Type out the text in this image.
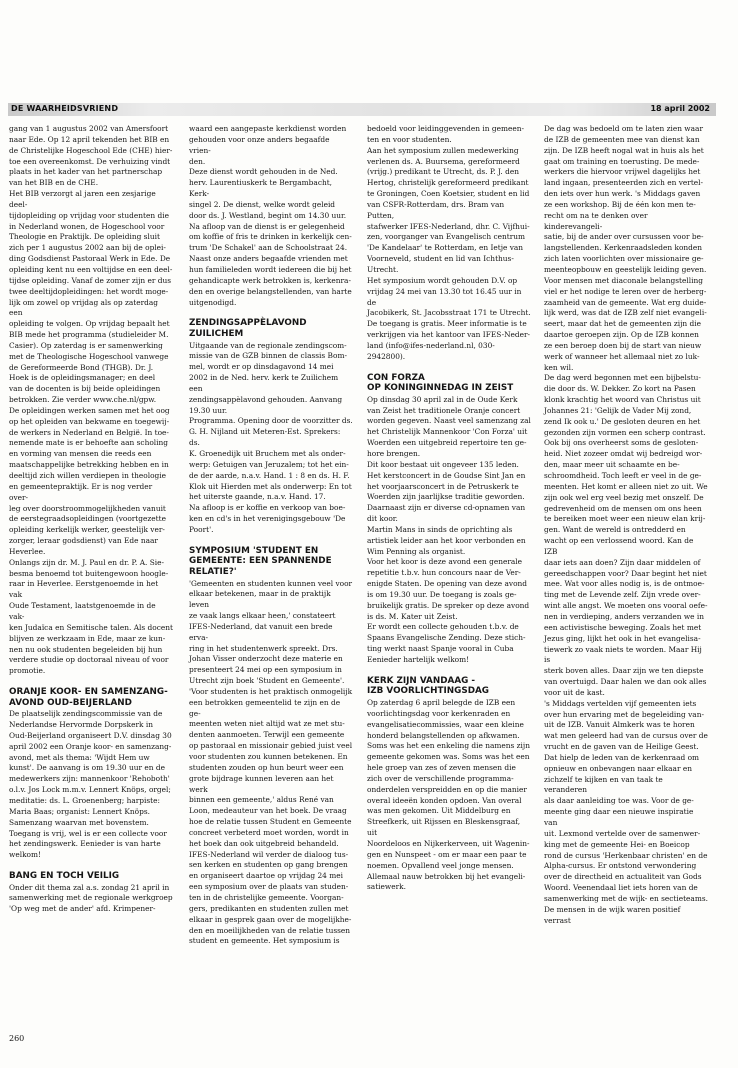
DE WAARHEIDSVRIEND	18 april 2002

gang van 1 augustus 2002 van Amersfoort
naar Ede. Op 12 april tekenden het BIB en
de Christelijke Hogeschool Ede (CHE) hier-
toe een overeenkomst. De verhuizing vindt
plaats in het kader van het partnerschap
van het BIB en de CHE.
Het BIB verzorgt al jaren een zesjarige deel-
tijdopleiding op vrijdag voor studenten die
in Nederland wonen, de Hogeschool voor
Theologie en Praktijk. De opleiding sluit
zich per 1 augustus 2002 aan bij de oplei-
ding Godsdienst Pastoraal Werk in Ede. De
opleiding kent nu een voltijdse en een deel-
tijdse opleiding. Vanaf de zomer zijn er dus
twee deeltijdopleidingen: het wordt moge-
lijk om zowel op vrijdag als op zaterdag een
opleiding te volgen. Op vrijdag bepaalt het
BIB mede het programma (studieleider M.
Casier). Op zaterdag is er samenwerking
met de Theologische Hogeschool vanwege
de Gereformeerde Bond (THGB). Dr. J.
Hoek is de opleidingsmanager; en deel
van de docenten is bij beide opleidingen
betrokken. Zie verder www.che.nl/gpw.
De opleidingen werken samen met het oog
op het opleiden van bekwame en toegewij-
de werkers in Nederland en België. In toe-
nemende mate is er behoefte aan scholing
en vorming van mensen die reeds een
maatschappelijke betrekking hebben en in
deeltijd zich willen verdiepen in theologie
en gemeentepraktijk. Er is nog verder over-
leg over doorstroommogelijkheden vanuit
de eerstegraadsopleidingen (voortgezette
opleiding kerkelijk werker, geestelijk ver-
zorger, leraar godsdienst) van Ede naar
Heverlee.
Onlangs zijn dr. M. J. Paul en dr. P. A. Sie-
besma benoemd tot buitengewoon hoogle-
raar in Heverlee. Eerstgenoemde in het vak
Oude Testament, laatstgenoemde in de vak-
ken Judaïca en Semitische talen. Als docent
blijven ze werkzaam in Ede, maar ze kun-
nen nu ook studenten begeleiden bij hun
verdere studie op doctoraal niveau of voor
promotie.

ORANJE KOOR- EN SAMENZANG-
AVOND OUD-BEIJERLAND

De plaatselijk zendingscommissie van de
Nederlandse Hervormde Dorpskerk in
Oud-Beijerland organiseert D.V. dinsdag 30
april 2002 een Oranje koor- en samenzang-
avond, met als thema: 'Wijdt Hem uw
kunst'. De aanvang is om 19.30 uur en de
medewerkers zijn: mannenkoor 'Rehoboth'
o.l.v. Jos Lock m.m.v. Lennert Knöps, orgel;
meditatie: ds. L. Groenenberg; harpiste:
Maria Baas; organist: Lennert Knöps.
Samenzang waarvan met bovenstem.
Toegang is vrij, wel is er een collecte voor
het zendingswerk. Eenieder is van harte
welkom!

BANG EN TOCH VEILIG

Onder dit thema zal a.s. zondag 21 april in
samenwerking met de regionale werkgroep
'Op weg met de ander' afd. Krimpener-

waard een aangepaste kerkdienst worden
gehouden voor onze anders begaafde vrien-
den.
Deze dienst wordt gehouden in de Ned.
herv. Laurentiuskerk te Bergambacht, Kerk-
singel 2. De dienst, welke wordt geleid
door ds. J. Westland, begint om 14.30 uur.
Na afloop van de dienst is er gelegenheid
om koffie of fris te drinken in kerkelijk cen-
trum 'De Schakel' aan de Schoolstraat 24.
Naast onze anders begaafde vrienden met
hun familieleden wordt iedereen die bij het
gehandicapte werk betrokken is, kerkenra-
den en overige belangstellenden, van harte
uitgenodigd.

ZENDINGSAPPÈLAVOND
ZUILICHEM

Uitgaande van de regionale zendingscom-
missie van de GZB binnen de classis Bom-
mel, wordt er op dinsdagavond 14 mei
2002 in de Ned. herv. kerk te Zuilichem een
zendingsappèlavond gehouden. Aanvang
19.30 uur.
Programma. Opening door de voorzitter ds.
G. H. Nijland uit Meteren-Est. Sprekers: ds.
K. Groenedijk uit Bruchem met als onder-
werp: Getuigen van Jeruzalem; tot het ein-
de der aarde, n.a.v. Hand. 1 : 8 en ds. H. F.
Klok uit Hierden met als onderwerp: En tot
het uiterste gaande, n.a.v. Hand. 17.
Na afloop is er koffie en verkoop van boe-
ken en cd's in het verenigingsgebouw 'De
Poort'.

SYMPOSIUM 'STUDENT EN
GEMEENTE: EEN SPANNENDE
RELATIE?'

'Gemeenten en studenten kunnen veel voor
elkaar betekenen, maar in de praktijk leven
ze vaak langs elkaar heen,' constateert
IFES-Nederland, dat vanuit een brede erva-
ring in het studentenwerk spreekt. Drs.
Johan Visser onderzocht deze materie en
presenteert 24 mei op een symposium in
Utrecht zijn boek 'Student en Gemeente'.
'Voor studenten is het praktisch onmogelijk
een betrokken gemeentelid te zijn en de ge-
meenten weten niet altijd wat ze met stu-
denten aanmoeten. Terwijl een gemeente
op pastoraal en missionair gebied juist veel
voor studenten zou kunnen betekenen. En
studenten zouden op hun beurt weer een
grote bijdrage kunnen leveren aan het werk
binnen een gemeente,' aldus René van
Loon, medeauteur van het boek. De vraag
hoe de relatie tussen Student en Gemeente
concreet verbeterd moet worden, wordt in
het boek dan ook uitgebreid behandeld.
IFES-Nederland wil verder de dialoog tus-
sen kerken en studenten op gang brengen
en organiseert daartoe op vrijdag 24 mei
een symposium over de plaats van studen-
ten in de christelijke gemeente. Voorgan-
gers, predikanten en studenten zullen met
elkaar in gesprek gaan over de mogelijkhe-
den en moeilijkheden van de relatie tussen
student en gemeente. Het symposium is

bedoeld voor leidinggevenden in gemeen-
ten en voor studenten.
Aan het symposium zullen medewerking
verlenen ds. A. Buursema, gereformeerd
(vrijg.) predikant te Utrecht, ds. P. J. den
Hertog, christelijk gereformeerd predikant
te Groningen, Coen Koetsier, student en lid
van CSFR-Rotterdam, drs. Bram van Putten,
stafwerker IFES-Nederland, dhr. C. Vijfhui-
zen, voorganger van Evangelisch centrum
'De Kandelaar' te Rotterdam, en Ietje van
Voorneveld, student en lid van Ichthus-
Utrecht.
Het symposium wordt gehouden D.V. op
vrijdag 24 mei van 13.30 tot 16.45 uur in de
Jacobikerk, St. Jacobsstraat 171 te Utrecht.
De toegang is gratis. Meer informatie is te
verkrijgen via het kantoor van IFES-Neder-
land (info@ifes-nederland.nl, 030-
2942800).

CON FORZA
OP KONINGINNEDAG IN ZEIST

Op dinsdag 30 april zal in de Oude Kerk
van Zeist het traditionele Oranje concert
worden gegeven. Naast veel samenzang zal
het Christelijk Mannenkoor 'Con Forza' uit
Woerden een uitgebreid repertoire ten ge-
hore brengen.
Dit koor bestaat uit ongeveer 135 leden.
Het kerstconcert in de Goudse Sint Jan en
het voorjaarsconcert in de Petruskerk te
Woerden zijn jaarlijkse traditie geworden.
Daarnaast zijn er diverse cd-opnamen van
dit koor.
Martin Mans in sinds de oprichting als
artistiek leider aan het koor verbonden en
Wim Penning als organist.
Voor het koor is deze avond een generale
repetitie t.b.v. hun concours naar de Ver-
enigde Staten. De opening van deze avond
is om 19.30 uur. De toegang is zoals ge-
bruikelijk gratis. De spreker op deze avond
is ds. M. Kater uit Zeist.
Er wordt een collecte gehouden t.b.v. de
Spaans Evangelische Zending. Deze stich-
ting werkt naast Spanje vooral in Cuba
Eenieder hartelijk welkom!

KERK ZIJN VANDAAG -
IZB VOORLICHTINGSDAG

Op zaterdag 6 april belegde de IZB een
voorlichtingsdag voor kerkenraden en
evangelisatiecommissies, waar een kleine
honderd belangstellenden op afkwamen.
Soms was het een enkeling die namens zijn
gemeente gekomen was. Soms was het een
hele groep van zes of zeven mensen die
zich over de verschillende programma-
onderdelen verspreidden en op die manier
overal ideeën konden opdoen. Van overal
was men gekomen. Uit Middelburg en
Streefkerk, uit Rijssen en Bleskensgraaf, uit
Noordeloos en Nijkerkerveen, uit Wagenin-
gen en Nunspeet - om er maar een paar te
noemen. Opvallend veel jonge mensen.
Allemaal nauw betrokken bij het evangeli-
satiewerk.

De dag was bedoeld om te laten zien waar
de IZB de gemeenten mee van dienst kan
zijn. De IZB heeft nogal wat in huis als het
gaat om training en toerusting. De mede-
werkers die hiervoor vrijwel dagelijks het
land ingaan, presenteerden zich en vertel-
den iets over hun werk. 's Middags gaven
ze een workshop. Bij de één kon men te-
recht om na te denken over kinderevangeli-
satie, bij de ander over cursussen voor be-
langstellenden. Kerkenraadsleden konden
zich laten voorlichten over missionaire ge-
meenteopbouw en geestelijk leiding geven.
Voor mensen met diaconale belangstelling
viel er het nodige te leren over de herberg-
zaamheid van de gemeente. Wat erg duide-
lijk werd, was dat de IZB zelf niet evangeli-
seert, maar dat het de gemeenten zijn die
daartoe geroepen zijn. Op de IZB konnen
ze een beroep doen bij de start van nieuw
werk of wanneer het allemaal niet zo luk-
ken wil.
De dag werd begonnen met een bijbelstu-
die door ds. W. Dekker. Zo kort na Pasen
klonk krachtig het woord van Christus uit
Johannes 21: 'Gelijk de Vader Mij zond,
zend Ik ook u.' De gesloten deuren en het
gezonden zijn vormen een scherp contrast.
Ook bij ons overheerst soms de gesloten-
heid. Niet zozeer omdat wij bedreigd wor-
den, maar meer uit schaamte en be-
schroomdheid. Toch leeft er veel in de ge-
meenten. Het komt er alleen niet zo uit. We
zijn ook wel erg veel bezig met onszelf. De
gedrevenheid om de mensen om ons heen
te bereiken moet weer een nieuw elan krij-
gen. Want de wereld is ontredderd en
wacht op een verlossend woord. Kan de IZB
daar iets aan doen? Zijn daar middelen of
gereedschappen voor? Daar begint het niet
mee. Wat voor alles nodig is, is de ontmoe-
ting met de Levende zelf. Zijn vrede over-
wint alle angst. We moeten ons vooral oefe-
nen in verdieping, anders verzanden we in
een activistische beweging. Zoals het met
Jezus ging, lijkt het ook in het evangelisa-
tiewerk zo vaak niets te worden. Maar Hij is
sterk boven alles. Daar zijn we ten diepste
van overtuigd. Daar halen we dan ook alles
voor uit de kast.
's Middags vertelden vijf gemeenten iets
over hun ervaring met de begeleiding van-
uit de IZB. Vanuit Almkerk was te horen
wat men geleerd had van de cursus over de
vrucht en de gaven van de Heilige Geest.
Dat hielp de leden van de kerkenraad om
opnieuw en onbevangen naar elkaar en
zichzelf te kijken en van taak te veranderen
als daar aanleiding toe was. Voor de ge-
meente ging daar een nieuwe inspiratie van
uit. Lexmond vertelde over de samenwer-
king met de gemeente Hei- en Boeicop
rond de cursus 'Herkenbaar christen' en de
Alpha-cursus. Er ontstond verwondering
over de directheid en actualiteit van Gods
Woord. Veenendaal liet iets horen van de
samenwerking met de wijk- en sectieteams.
De mensen in de wijk waren positief verrast

260
